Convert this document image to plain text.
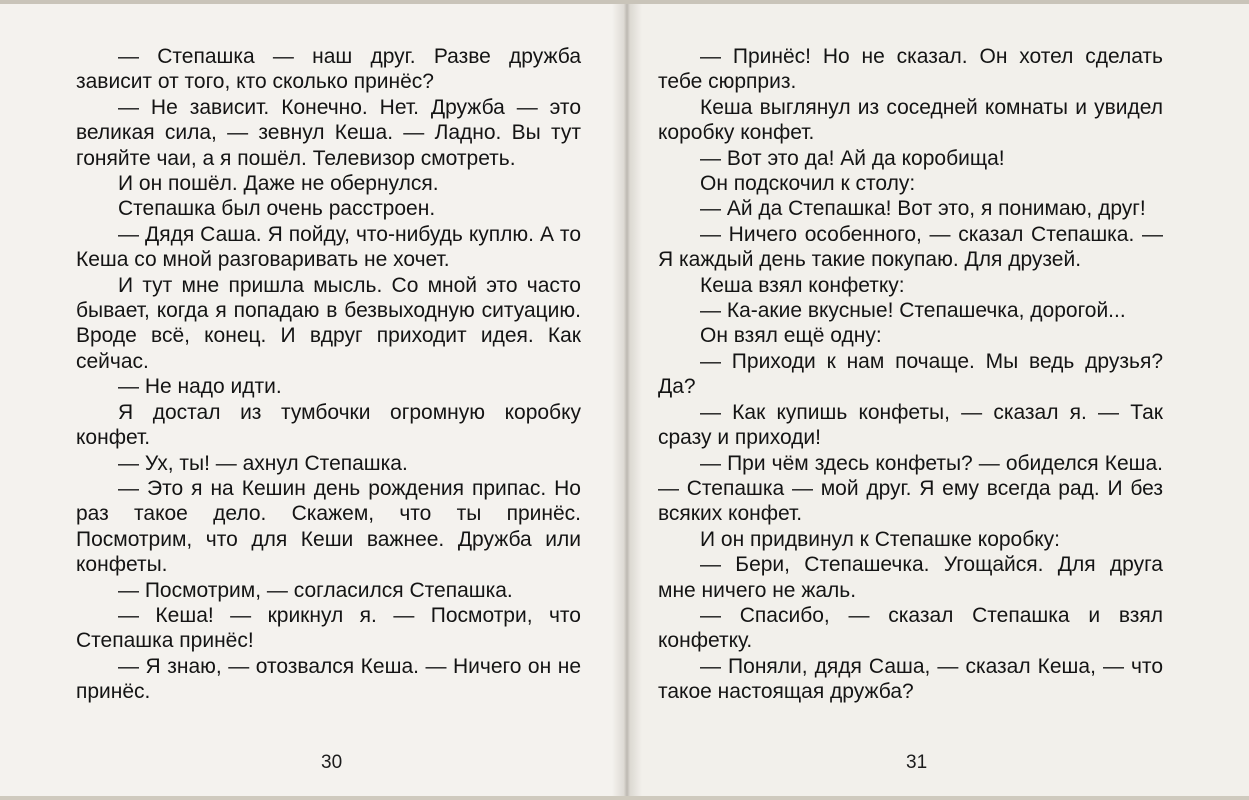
— Степашка — наш друг. Разве дружба зависит от того, кто сколько принёс?

— Не зависит. Конечно. Нет. Дружба — это великая сила, — зевнул Кеша. — Ладно. Вы тут гоняйте чаи, а я пошёл. Телевизор смотреть.

И он пошёл. Даже не обернулся.

Степашка был очень расстроен.

— Дядя Саша. Я пойду, что-нибудь куплю. А то Кеша со мной разговаривать не хочет.

И тут мне пришла мысль. Со мной это часто бывает, когда я попадаю в безвыходную ситуацию. Вроде всё, конец. И вдруг приходит идея. Как сейчас.

— Не надо идти.

Я достал из тумбочки огромную коробку конфет.

— Ух, ты! — ахнул Степашка.

— Это я на Кешин день рождения припас. Но раз такое дело. Скажем, что ты принёс. Посмотрим, что для Кеши важнее. Дружба или конфеты.

— Посмотрим, — согласился Степашка.

— Кеша! — крикнул я. — Посмотри, что Степашка принёс!

— Я знаю, — отозвался Кеша. — Ничего он не принёс.

30

— Принёс! Но не сказал. Он хотел сделать тебе сюрприз.

Кеша выглянул из соседней комнаты и увидел коробку конфет.

— Вот это да! Ай да коробища!

Он подскочил к столу:

— Ай да Степашка! Вот это, я понимаю, друг!

— Ничего особенного, — сказал Степашка. — Я каждый день такие покупаю. Для друзей.

Кеша взял конфетку:

— Ка-акие вкусные! Степашечка, дорогой...

Он взял ещё одну:

— Приходи к нам почаще. Мы ведь друзья? Да?

— Как купишь конфеты, — сказал я. — Так сразу и приходи!

— При чём здесь конфеты? — обиделся Кеша. — Степашка — мой друг. Я ему всегда рад. И без всяких конфет.

И он придвинул к Степашке коробку:

— Бери, Степашечка. Угощайся. Для друга мне ничего не жаль.

— Спасибо, — сказал Степашка и взял конфетку.

— Поняли, дядя Саша, — сказал Кеша, — что такое настоящая дружба?

31
